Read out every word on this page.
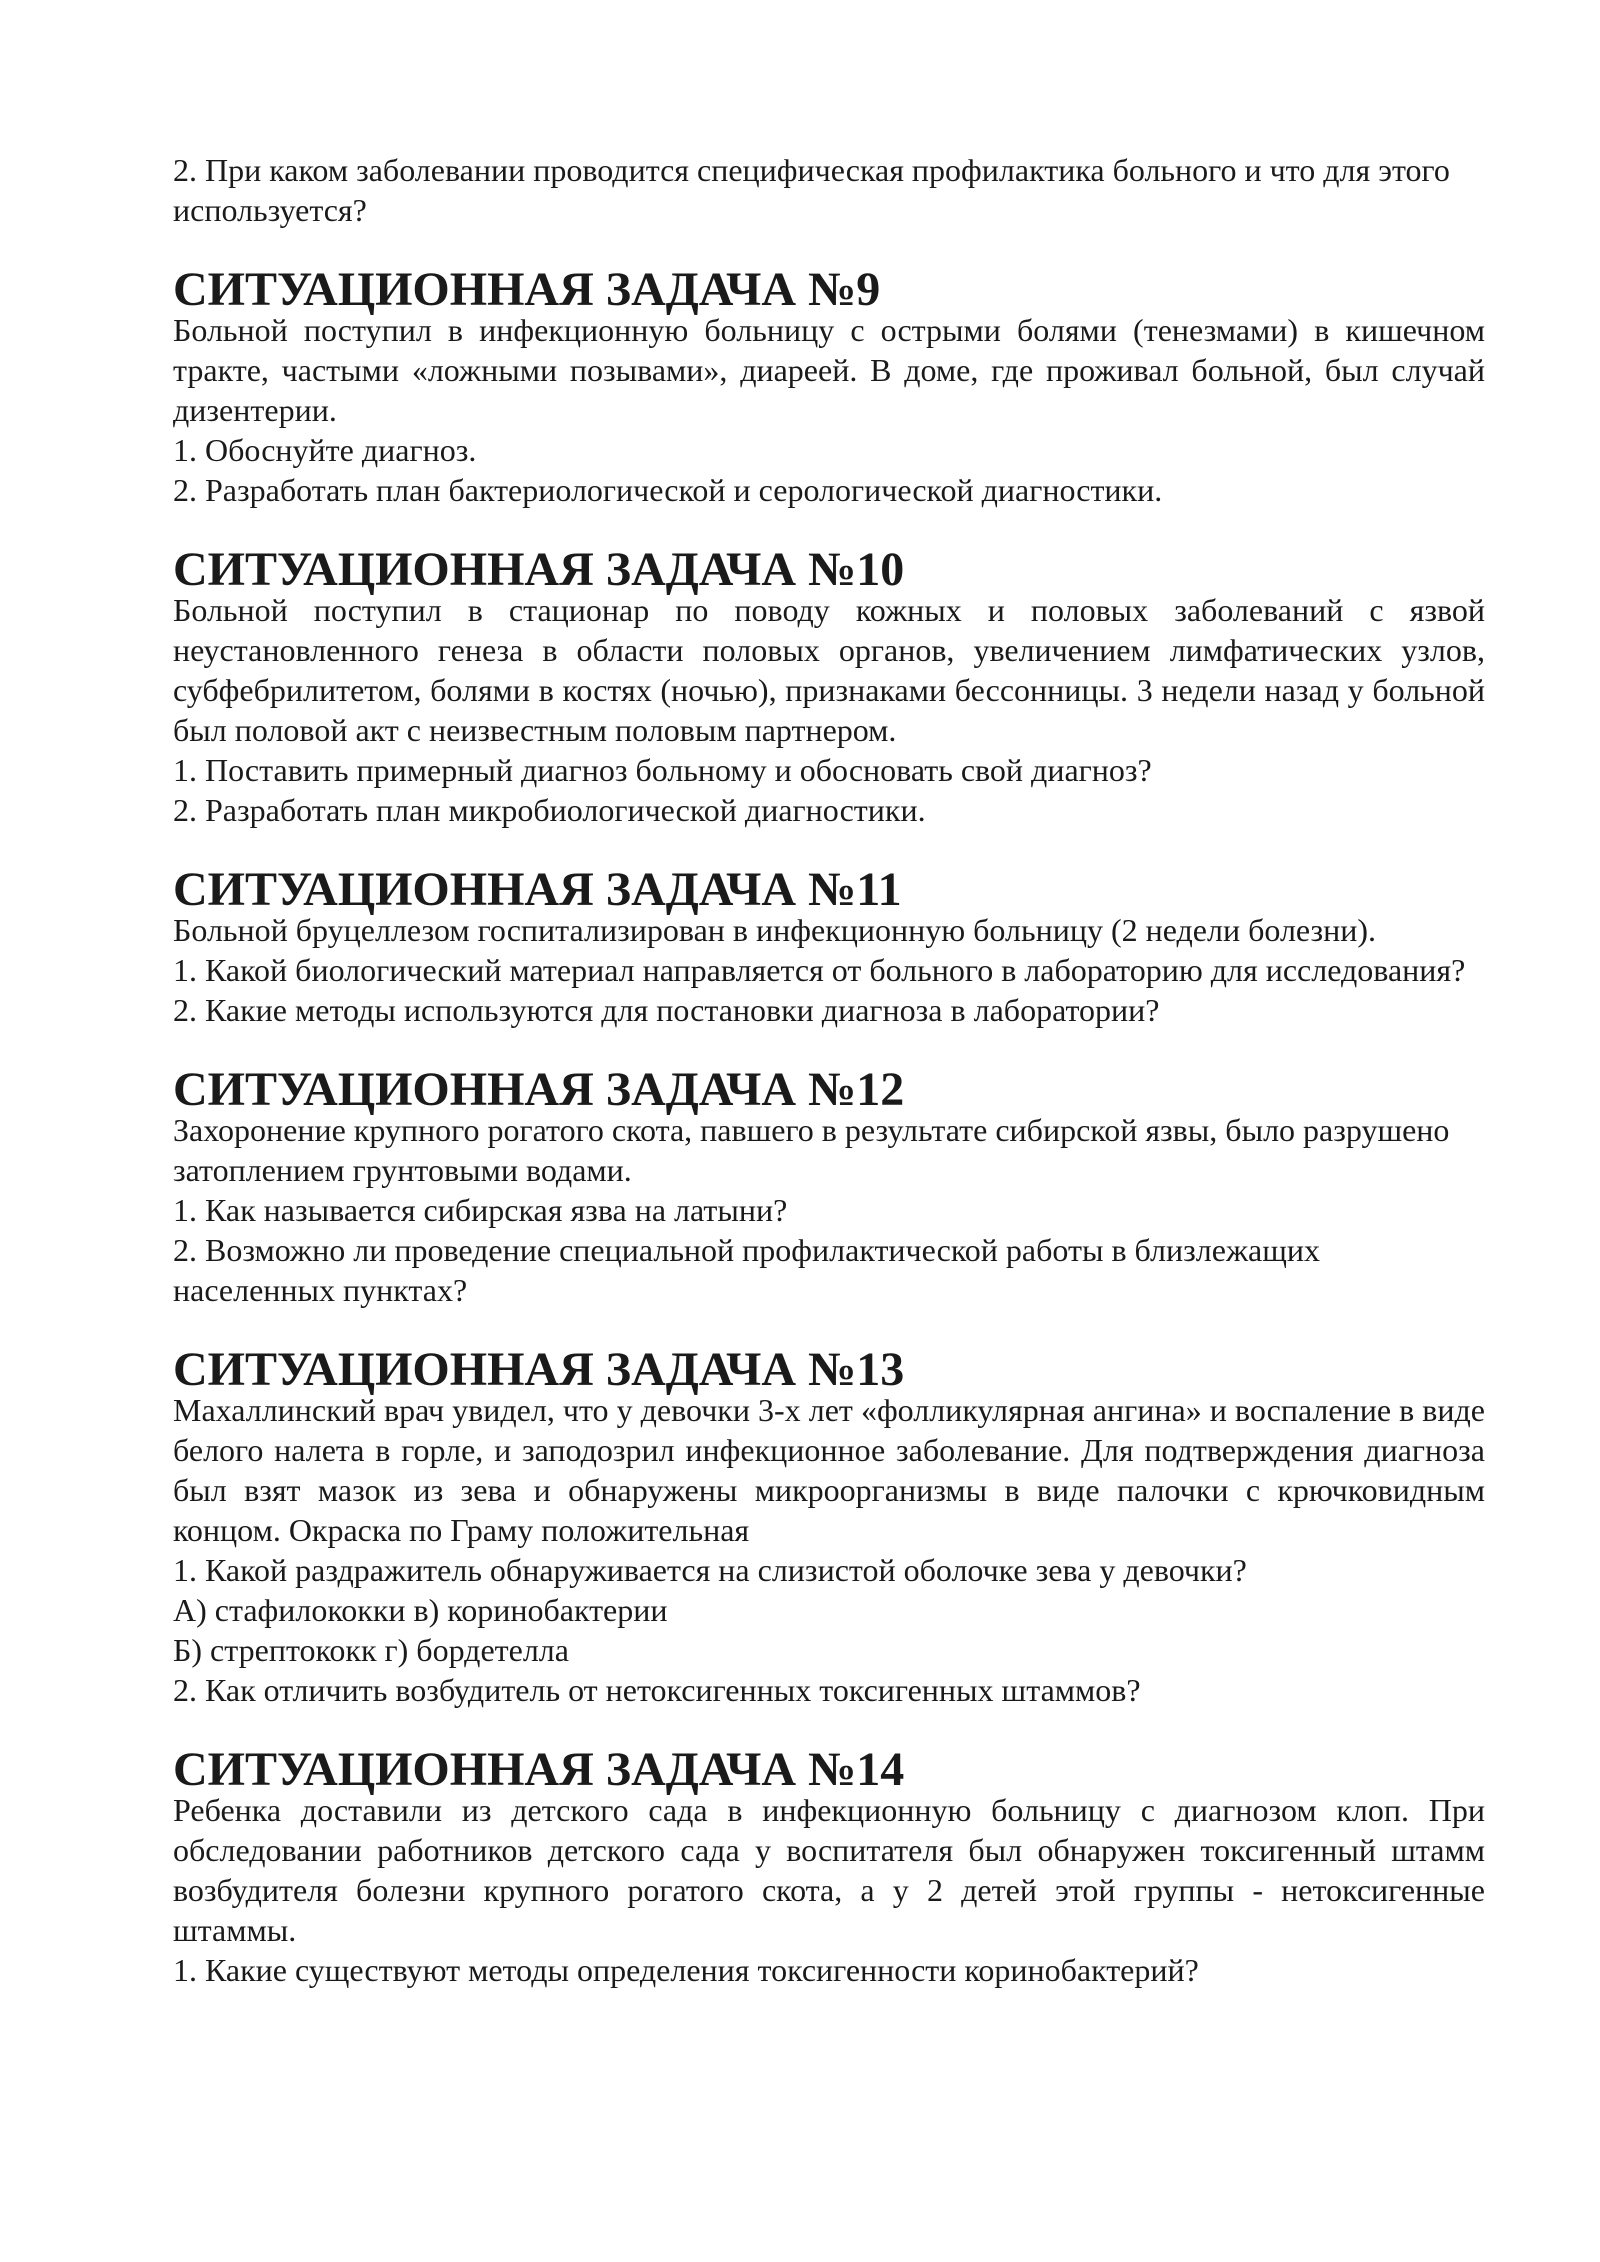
2. При каком заболевании проводится специфическая профилактика больного и что для этого используется?

СИТУАЦИОННАЯ ЗАДАЧА №9

Больной поступил в инфекционную больницу с острыми болями (тенезмами) в кишечном тракте, частыми «ложными позывами», диареей. В доме, где проживал больной, был случай дизентерии.

1. Обоснуйте диагноз.

2. Разработать план бактериологической и серологической диагностики.

СИТУАЦИОННАЯ ЗАДАЧА №10

Больной поступил в стационар по поводу кожных и половых заболеваний с язвой неустановленного генеза в области половых органов, увеличением лимфатических узлов, субфебрилитетом, болями в костях (ночью), признаками бессонницы. 3 недели назад у больной был половой акт с неизвестным половым партнером.

1. Поставить примерный диагноз больному и обосновать свой диагноз?

2. Разработать план микробиологической диагностики.

СИТУАЦИОННАЯ ЗАДАЧА №11

Больной бруцеллезом госпитализирован в инфекционную больницу (2 недели болезни).

1. Какой биологический материал направляется от больного в лабораторию для исследования?

2. Какие методы используются для постановки диагноза в лаборатории?

СИТУАЦИОННАЯ ЗАДАЧА №12

Захоронение крупного рогатого скота, павшего в результате сибирской язвы, было разрушено затоплением грунтовыми водами.

1. Как называется сибирская язва на латыни?

2. Возможно ли проведение специальной профилактической работы в близлежащих населенных пунктах?

СИТУАЦИОННАЯ ЗАДАЧА №13

Махаллинский врач увидел, что у девочки 3-х лет «фолликулярная ангина» и воспаление в виде белого налета в горле, и заподозрил инфекционное заболевание. Для подтверждения диагноза был взят мазок из зева и обнаружены микроорганизмы в виде палочки с крючковидным концом. Окраска по Граму положительная

1. Какой раздражитель обнаруживается на слизистой оболочке зева у девочки?

А) стафилококки в) коринобактерии

Б) стрептококк г) бордетелла

2. Как отличить возбудитель от нетоксигенных токсигенных штаммов?

СИТУАЦИОННАЯ ЗАДАЧА №14

Ребенка доставили из детского сада в инфекционную больницу с диагнозом клоп. При обследовании работников детского сада у воспитателя был обнаружен токсигенный штамм возбудителя болезни крупного рогатого скота, а у 2 детей этой группы - нетоксигенные штаммы.

1. Какие существуют методы определения токсигенности коринобактерий?
